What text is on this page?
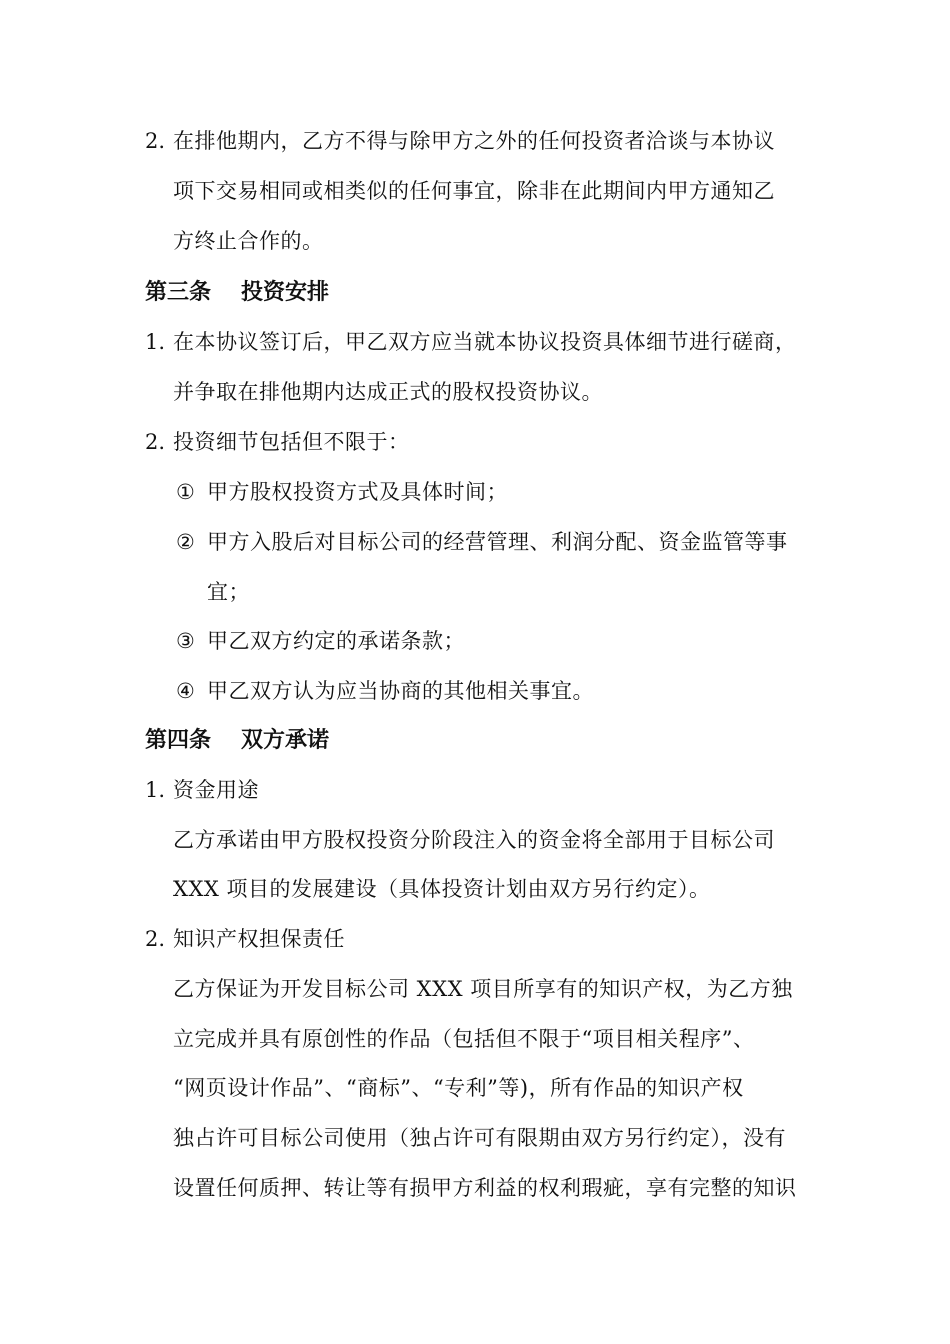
2. 在排他期内，乙方不得与除甲方之外的任何投资者洽谈与本协议
项下交易相同或相类似的任何事宜，除非在此期间内甲方通知乙
方终止合作的。
第三条 投资安排
1. 在本协议签订后，甲乙双方应当就本协议投资具体细节进行磋商，
并争取在排他期内达成正式的股权投资协议。
2. 投资细节包括但不限于：
① 甲方股权投资方式及具体时间；
② 甲方入股后对目标公司的经营管理、利润分配、资金监管等事
宜；
③ 甲乙双方约定的承诺条款；
④ 甲乙双方认为应当协商的其他相关事宜。
第四条 双方承诺
1. 资金用途
乙方承诺由甲方股权投资分阶段注入的资金将全部用于目标公司
XXX 项目的发展建设（具体投资计划由双方另行约定）。
2. 知识产权担保责任
乙方保证为开发目标公司 XXX 项目所享有的知识产权，为乙方独
立完成并具有原创性的作品（包括但不限于“项目相关程序”、
“网页设计作品”、“商标”、“专利”等)，所有作品的知识产权
独占许可目标公司使用（独占许可有限期由双方另行约定），没有
设置任何质押、转让等有损甲方利益的权利瑕疵，享有完整的知识
